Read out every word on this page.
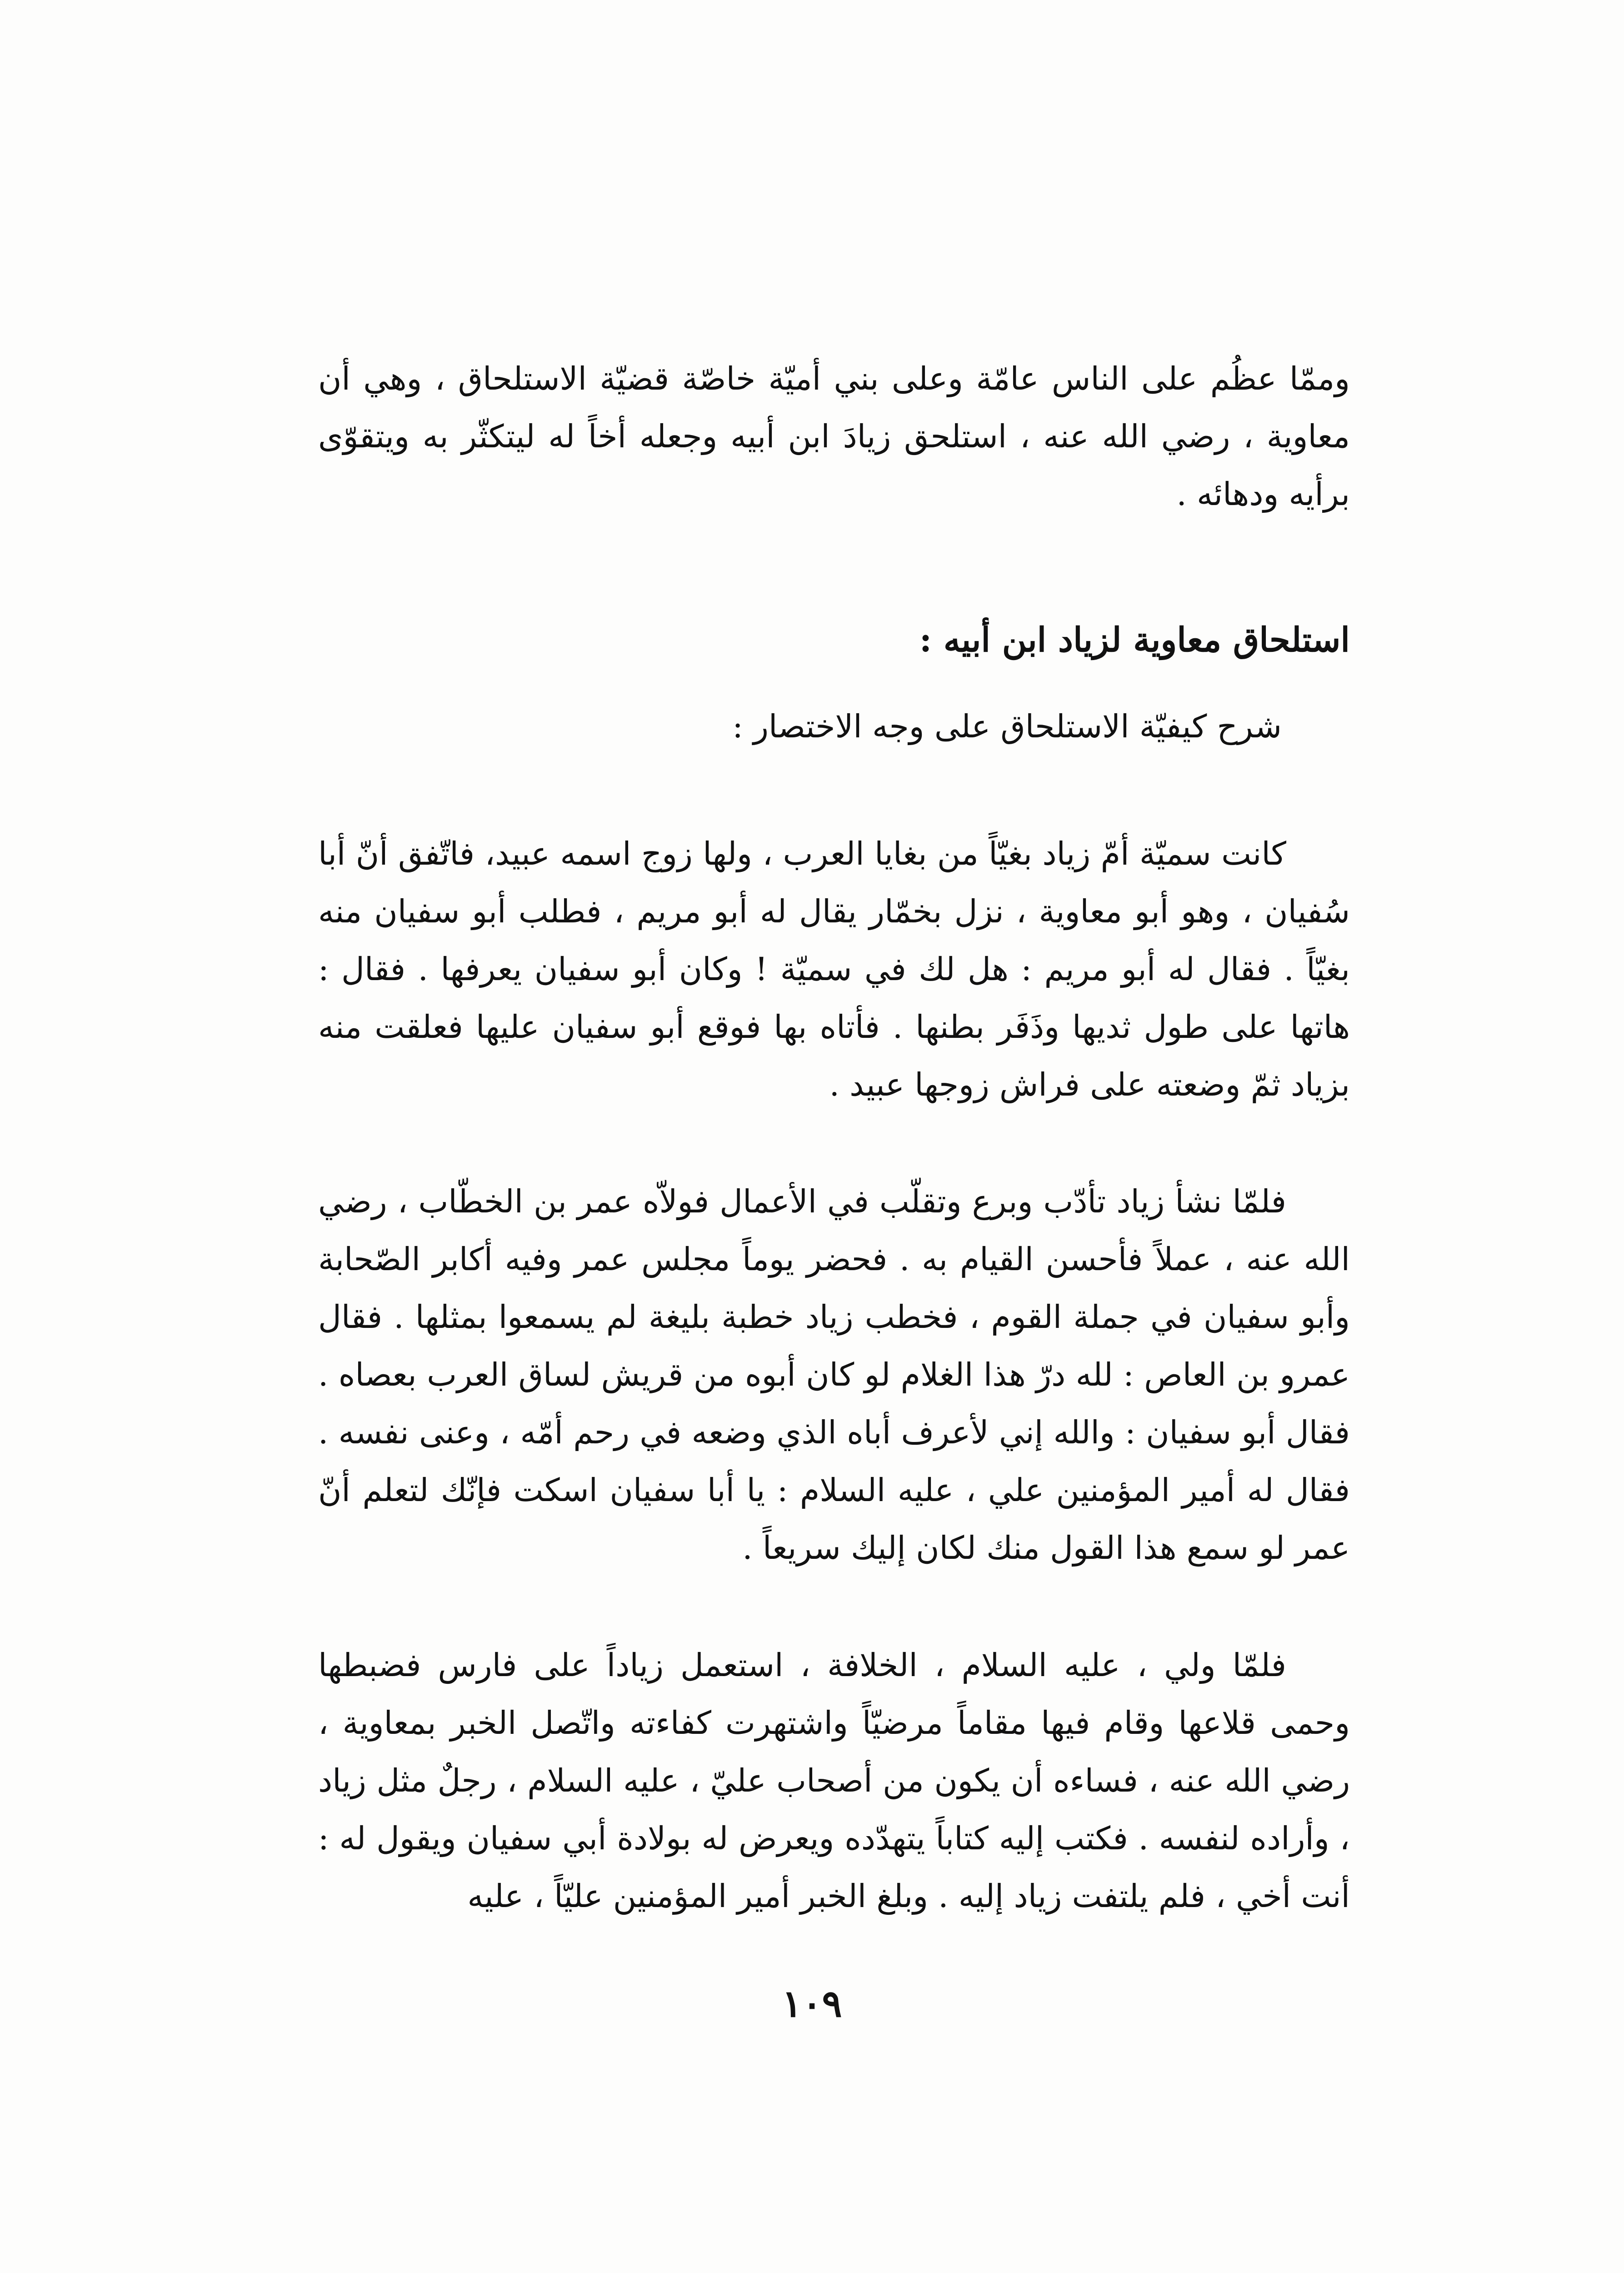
وممّا عظُم على الناس عامّة وعلى بني أميّة خاصّة قضيّة الاستلحاق ، وهي أن معاوية ، رضي الله عنه ، استلحق زيادَ ابن أبيه وجعله أخاً له ليتكثّر به ويتقوّى برأيه ودهائه .

استلحاق معاوية لزياد ابن أبيه :
شرح كيفيّة الاستلحاق على وجه الاختصار :

كانت سميّة أمّ زياد بغيّاً من بغايا العرب ، ولها زوج اسمه عبيد، فاتّفق أنّ أبا سُفيان ، وهو أبو معاوية ، نزل بخمّار يقال له أبو مريم ، فطلب أبو سفيان منه بغيّاً . فقال له أبو مريم : هل لك في سميّة ! وكان أبو سفيان يعرفها . فقال : هاتها على طول ثديها وذَفَر بطنها . فأتاه بها فوقع أبو سفيان عليها فعلقت منه بزياد ثمّ وضعته على فراش زوجها عبيد .

فلمّا نشأ زياد تأدّب وبرع وتقلّب في الأعمال فولاّه عمر بن الخطّاب ، رضي الله عنه ، عملاً فأحسن القيام به . فحضر يوماً مجلس عمر وفيه أكابر الصّحابة وأبو سفيان في جملة القوم ، فخطب زياد خطبة بليغة لم يسمعوا بمثلها . فقال عمرو بن العاص : لله درّ هذا الغلام لو كان أبوه من قريش لساق العرب بعصاه . فقال أبو سفيان : والله إني لأعرف أباه الذي وضعه في رحم أمّه ، وعنى نفسه . فقال له أمير المؤمنين علي ، عليه السلام : يا أبا سفيان اسكت فإنّك لتعلم أنّ عمر لو سمع هذا القول منك لكان إليك سريعاً .

فلمّا ولي ، عليه السلام ، الخلافة ، استعمل زياداً على فارس فضبطها وحمى قلاعها وقام فيها مقاماً مرضيّاً واشتهرت كفاءته واتّصل الخبر بمعاوية ، رضي الله عنه ، فساءه أن يكون من أصحاب عليّ ، عليه السلام ، رجلٌ مثل زياد ، وأراده لنفسه . فكتب إليه كتاباً يتهدّده ويعرض له بولادة أبي سفيان ويقول له : أنت أخي ، فلم يلتفت زياد إليه . وبلغ الخبر أمير المؤمنين عليّاً ، عليه

١٠٩
